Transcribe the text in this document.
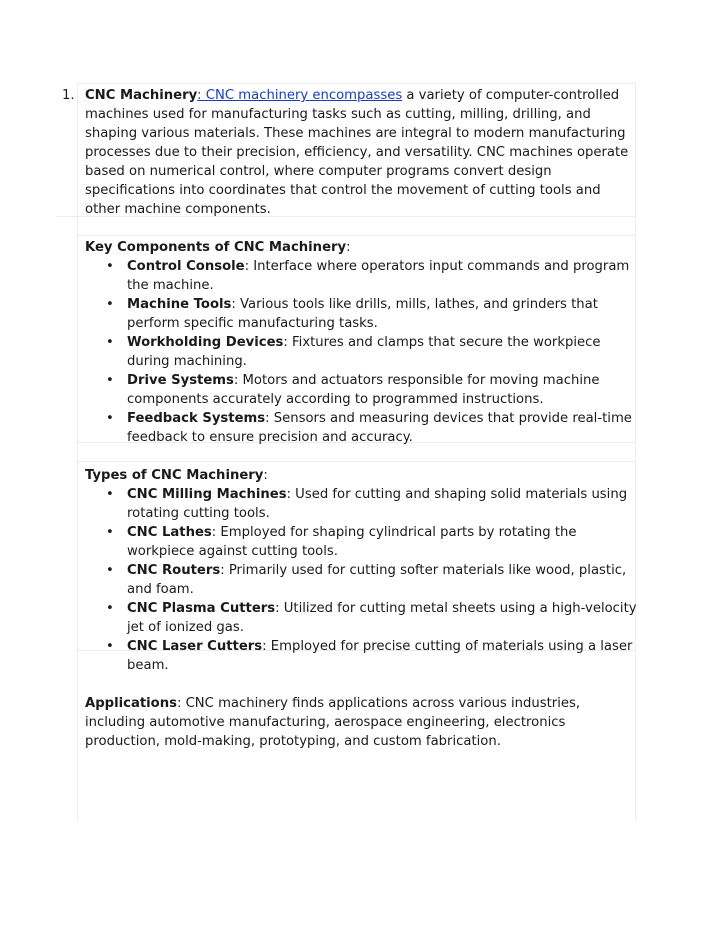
1. CNC Machinery: CNC machinery encompasses a variety of computer-controlled machines used for manufacturing tasks such as cutting, milling, drilling, and shaping various materials. These machines are integral to modern manufacturing processes due to their precision, efficiency, and versatility. CNC machines operate based on numerical control, where computer programs convert design specifications into coordinates that control the movement of cutting tools and other machine components.

Key Components of CNC Machinery:

• Control Console: Interface where operators input commands and program the machine.
• Machine Tools: Various tools like drills, mills, lathes, and grinders that perform specific manufacturing tasks.
• Workholding Devices: Fixtures and clamps that secure the workpiece during machining.
• Drive Systems: Motors and actuators responsible for moving machine components accurately according to programmed instructions.
• Feedback Systems: Sensors and measuring devices that provide real-time feedback to ensure precision and accuracy.

Types of CNC Machinery:

• CNC Milling Machines: Used for cutting and shaping solid materials using rotating cutting tools.
• CNC Lathes: Employed for shaping cylindrical parts by rotating the workpiece against cutting tools.
• CNC Routers: Primarily used for cutting softer materials like wood, plastic, and foam.
• CNC Plasma Cutters: Utilized for cutting metal sheets using a high-velocity jet of ionized gas.
• CNC Laser Cutters: Employed for precise cutting of materials using a laser beam.

Applications: CNC machinery finds applications across various industries, including automotive manufacturing, aerospace engineering, electronics production, mold-making, prototyping, and custom fabrication.
